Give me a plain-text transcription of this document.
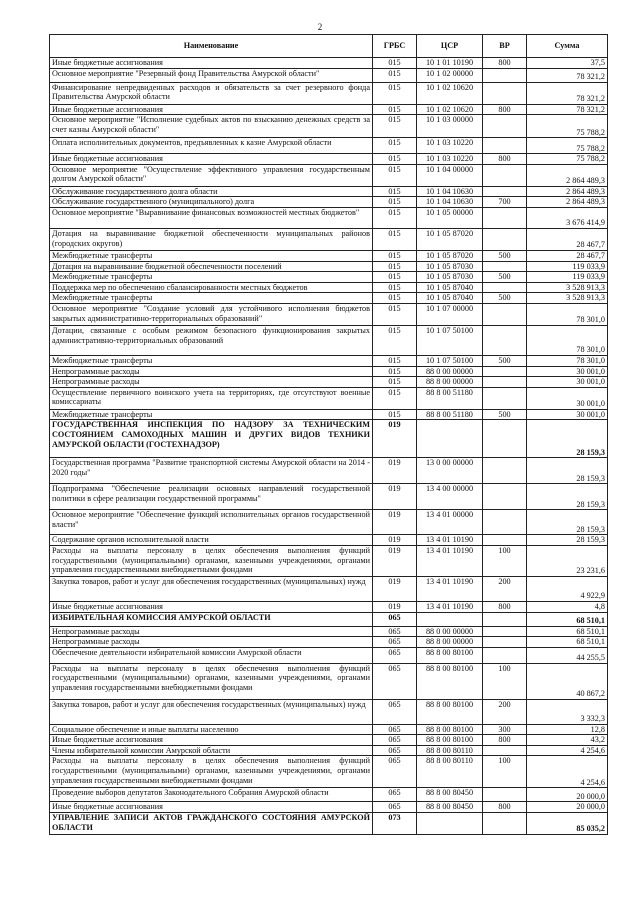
2
Наименование	ГРБС	ЦСР	ВР	Сумма
Иные бюджетные ассигнования	015	10 1 01 10190	800	37,5
Основное мероприятие "Резервный фонд Правительства Амурской области"	015	10 1 02 00000		78 321,2
Финансирование непредвиденных расходов и обязательств за счет резервного фонда Правительства Амурской области	015	10 1 02 10620		78 321,2
Иные бюджетные ассигнования	015	10 1 02 10620	800	78 321,2
Основное мероприятие "Исполнение судебных актов по взысканию денежных средств за счет казны Амурской области"	015	10 1 03 00000		75 788,2
Оплата исполнительных документов, предъявленных к казне Амурской области	015	10 1 03 10220		75 788,2
Иные бюджетные ассигнования	015	10 1 03 10220	800	75 788,2
Основное мероприятие "Осуществление эффективного управления государственным долгом Амурской области"	015	10 1 04 00000		2 864 489,3
Обслуживание государственного долга области	015	10 1 04 10630		2 864 489,3
Обслуживание государственного (муниципального) долга	015	10 1 04 10630	700	2 864 489,3
Основное мероприятие "Выравнивание финансовых возможностей местных бюджетов"	015	10 1 05 00000		3 676 414,9
Дотация на выравнивание бюджетной обеспеченности муниципальных районов (городских округов)	015	10 1 05 87020		28 467,7
Межбюджетные трансферты	015	10 1 05 87020	500	28 467,7
Дотация на выравнивание бюджетной обеспеченности поселений	015	10 1 05 87030		119 033,9
Межбюджетные трансферты	015	10 1 05 87030	500	119 033,9
Поддержка мер по обеспечению сбалансированности местных бюджетов	015	10 1 05 87040		3 528 913,3
Межбюджетные трансферты	015	10 1 05 87040	500	3 528 913,3
Основное мероприятие "Создание условий для устойчивого исполнения бюджетов закрытых административно-территориальных образований"	015	10 1 07 00000		78 301,0
Дотации, связанные с особым режимом безопасного функционирования закрытых административно-территориальных образований	015	10 1 07 50100		78 301,0
Межбюджетные трансферты	015	10 1 07 50100	500	78 301,0
Непрограммные расходы	015	88 0 00 00000		30 001,0
Непрограммные расходы	015	88 8 00 00000		30 001,0
Осуществление первичного воинского учета на территориях, где отсутствуют военные комиссариаты	015	88 8 00 51180		30 001,0
Межбюджетные трансферты	015	88 8 00 51180	500	30 001,0
ГОСУДАРСТВЕННАЯ ИНСПЕКЦИЯ ПО НАДЗОРУ ЗА ТЕХНИЧЕСКИМ СОСТОЯНИЕМ САМОХОДНЫХ МАШИН И ДРУГИХ ВИДОВ ТЕХНИКИ АМУРСКОЙ ОБЛАСТИ (ГОСТЕХНАДЗОР)	019			28 159,3
Государственная программа "Развитие транспортной системы Амурской области на 2014 - 2020 годы"	019	13 0 00 00000		28 159,3
Подпрограмма "Обеспечение реализации основных направлений государственной политики в сфере реализации государственной программы"	019	13 4 00 00000		28 159,3
Основное мероприятие "Обеспечение функций исполнительных органов государственной власти"	019	13 4 01 00000		28 159,3
Содержание органов исполнительной власти	019	13 4 01 10190		28 159,3
Расходы на выплаты персоналу в целях обеспечения выполнения функций государственными (муниципальными) органами, казенными учреждениями, органами управления государственными внебюджетными фондами	019	13 4 01 10190	100	23 231,6
Закупка товаров, работ и услуг для обеспечения государственных (муниципальных) нужд	019	13 4 01 10190	200	4 922,9
Иные бюджетные ассигнования	019	13 4 01 10190	800	4,8
ИЗБИРАТЕЛЬНАЯ КОМИССИЯ АМУРСКОЙ ОБЛАСТИ	065			68 510,1
Непрограммные расходы	065	88 0 00 00000		68 510,1
Непрограммные расходы	065	88 8 00 00000		68 510,1
Обеспечение деятельности избирательной комиссии Амурской области	065	88 8 00 80100		44 255,5
Расходы на выплаты персоналу в целях обеспечения выполнения функций государственными (муниципальными) органами, казенными учреждениями, органами управления государственными внебюджетными фондами	065	88 8 00 80100	100	40 867,2
Закупка товаров, работ и услуг для обеспечения государственных (муниципальных) нужд	065	88 8 00 80100	200	3 332,3
Социальное обеспечение и иные выплаты населению	065	88 8 00 80100	300	12,8
Иные бюджетные ассигнования	065	88 8 00 80100	800	43,2
Члены избирательной комиссии Амурской области	065	88 8 00 80110		4 254,6
Расходы на выплаты персоналу в целях обеспечения выполнения функций государственными (муниципальными) органами, казенными учреждениями, органами управления государственными внебюджетными фондами	065	88 8 00 80110	100	4 254,6
Проведение выборов депутатов Законодательного Собрания Амурской области	065	88 8 00 80450		20 000,0
Иные бюджетные ассигнования	065	88 8 00 80450	800	20 000,0
УПРАВЛЕНИЕ ЗАПИСИ АКТОВ ГРАЖДАНСКОГО СОСТОЯНИЯ АМУРСКОЙ ОБЛАСТИ	073			85 035,2
